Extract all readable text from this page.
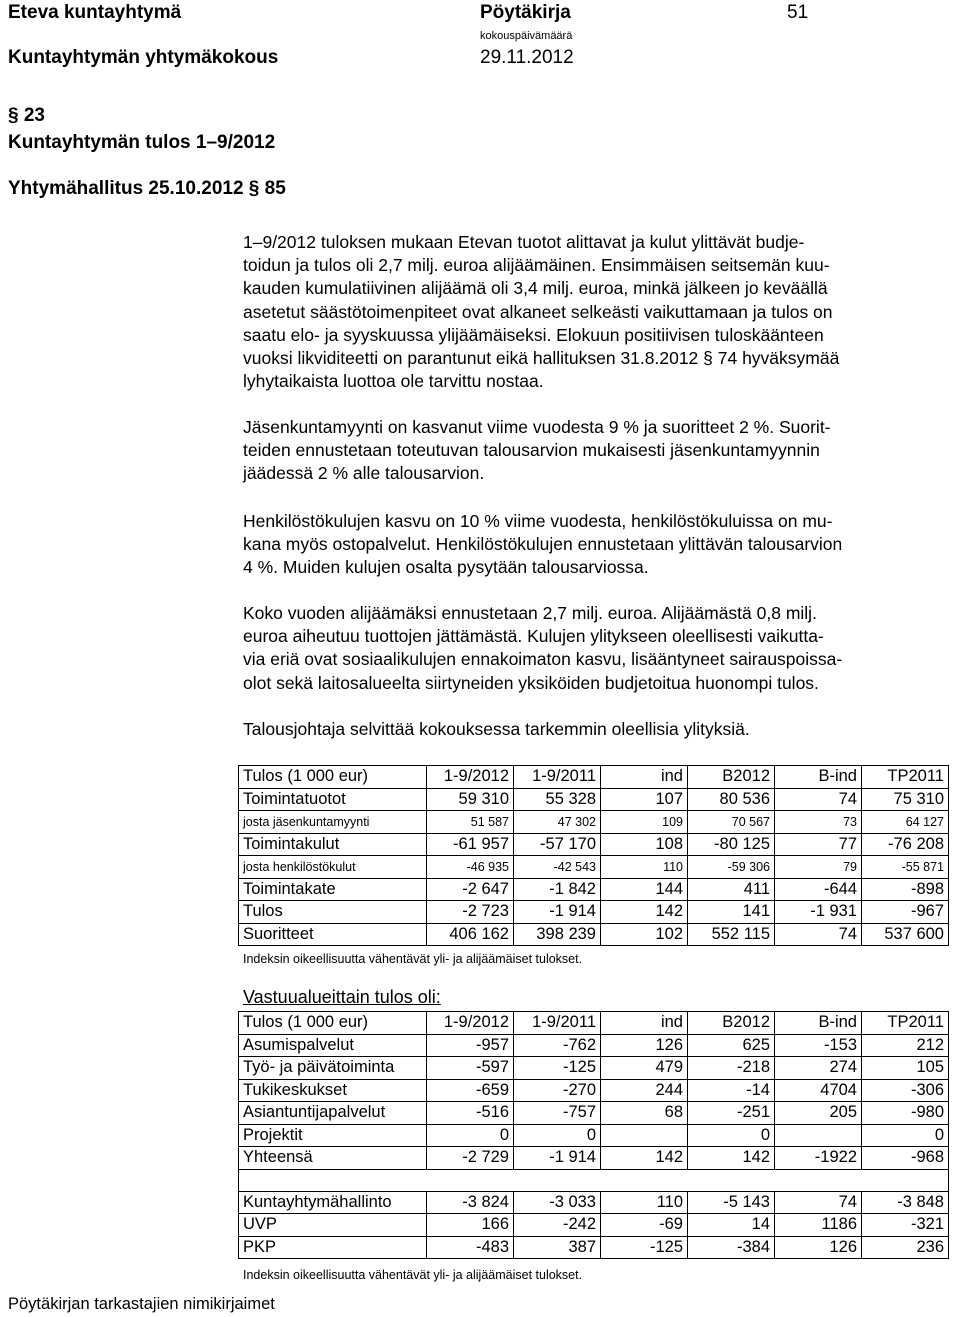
Eteva kuntayhtymä	Pöytäkirja	51
Kuntayhtymän yhtymäkokous
kokouspäivämäärä
29.11.2012
§ 23
Kuntayhtymän tulos 1–9/2012
Yhtymähallitus 25.10.2012 § 85

1–9/2012 tuloksen mukaan Etevan tuotot alittavat ja kulut ylittävät budje-

toidun ja tulos oli 2,7 milj. euroa alijäämäinen. Ensimmäisen seitsemän kuu-

kauden kumulatiivinen alijäämä oli 3,4 milj. euroa, minkä jälkeen jo keväällä

asetetut säästötoimenpiteet ovat alkaneet selkeästi vaikuttamaan ja tulos on

saatu elo- ja syyskuussa ylijäämäiseksi. Elokuun positiivisen tuloskäänteen

vuoksi likviditeetti on parantunut eikä hallituksen 31.8.2012 § 74 hyväksymää

lyhytaikaista luottoa ole tarvittu nostaa.

Jäsenkuntamyynti on kasvanut viime vuodesta 9 % ja suoritteet 2 %. Suorit-

teiden ennustetaan toteutuvan talousarvion mukaisesti jäsenkuntamyynnin

jäädessä 2 % alle talousarvion.

Henkilöstökulujen kasvu on 10 % viime vuodesta, henkilöstökuluissa on mu-

kana myös ostopalvelut. Henkilöstökulujen ennustetaan ylittävän talousarvion

4 %. Muiden kulujen osalta pysytään talousarviossa.

Koko vuoden alijäämäksi ennustetaan 2,7 milj. euroa. Alijäämästä 0,8 milj.

euroa aiheutuu tuottojen jättämästä. Kulujen ylitykseen oleellisesti vaikutta-

via eriä ovat sosiaalikulujen ennakoimaton kasvu, lisääntyneet sairauspoissa-

olot sekä laitosalueelta siirtyneiden yksiköiden budjetoitua huonompi tulos.

Talousjohtaja selvittää kokouksessa tarkemmin oleellisia ylityksiä.

Tulos (1 000 eur)	1-9/2012	1-9/2011	ind	B2012	B-ind	TP2011
Toimintatuotot	59 310	55 328	107	80 536	74	75 310
josta jäsenkuntamyynti	51 587	47 302	109	70 567	73	64 127
Toimintakulut	-61 957	-57 170	108	-80 125	77	-76 208
josta henkilöstökulut	-46 935	-42 543	110	-59 306	79	-55 871
Toimintakate	-2 647	-1 842	144	411	-644	-898
Tulos	-2 723	-1 914	142	141	-1 931	-967
Suoritteet	406 162	398 239	102	552 115	74	537 600
Indeksin oikeellisuutta vähentävät yli- ja alijäämäiset tulokset.
Vastuualueittain tulos oli:
Tulos (1 000 eur)	1-9/2012	1-9/2011	ind	B2012	B-ind	TP2011
Asumispalvelut	-957	-762	126	625	-153	212
Työ- ja päivätoiminta	-597	-125	479	-218	274	105
Tukikeskukset	-659	-270	244	-14	4704	-306
Asiantuntijapalvelut	-516	-757	68	-251	205	-980
Projektit	0	0		0		0
Yhteensä	-2 729	-1 914	142	142	-1922	-968

Kuntayhtymähallinto	-3 824	-3 033	110	-5 143	74	-3 848
UVP	166	-242	-69	14	1186	-321
PKP	-483	387	-125	-384	126	236
Indeksin oikeellisuutta vähentävät yli- ja alijäämäiset tulokset.
Pöytäkirjan tarkastajien nimikirjaimet
